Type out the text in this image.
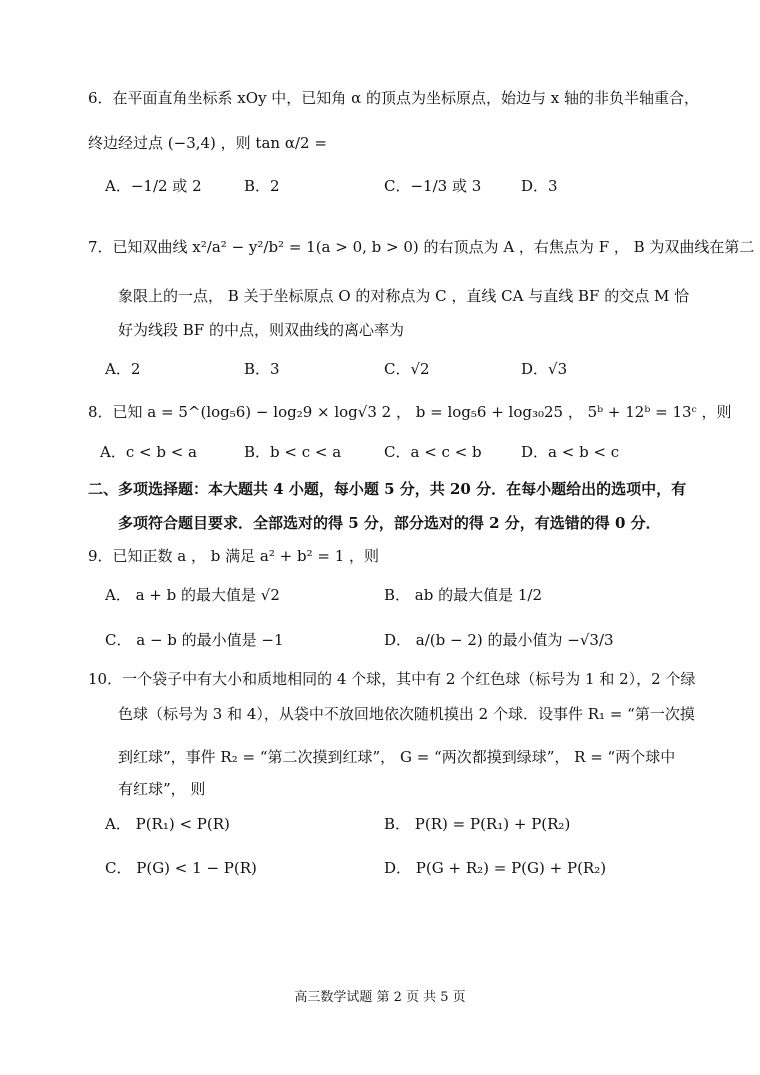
6．在平面直角坐标系 xOy 中，已知角 α 的顶点为坐标原点，始边与 x 轴的非负半轴重合，
终边经过点 (−3,4) ，则 tan α/2 =
A．−1/2 或 2	B．2	C．−1/3 或 3	D．3
7．已知双曲线 x²/a² − y²/b² = 1(a > 0, b > 0) 的右顶点为 A ，右焦点为 F ， B 为双曲线在第二
象限上的一点， B 关于坐标原点 O 的对称点为 C ，直线 CA 与直线 BF 的交点 M 恰
好为线段 BF 的中点，则双曲线的离心率为
A．2	B．3	C．√2	D．√3
8．已知 a = 5^(log₅6) − log₂9 × log√3 2 ， b = log₅6 + log₃₀25 ， 5ᵇ + 12ᵇ = 13ᶜ ，则
A．c < b < a	B．b < c < a	C．a < c < b	D．a < b < c
二、多项选择题：本大题共 4 小题，每小题 5 分，共 20 分．在每小题给出的选项中，有
多项符合题目要求．全部选对的得 5 分，部分选对的得 2 分，有选错的得 0 分．
9．已知正数 a ， b 满足 a² + b² = 1 ，则
A． a + b 的最大值是 √2	B． ab 的最大值是 1/2
C． a − b 的最小值是 −1	D． a/(b − 2) 的最小值为 −√3/3
10．一个袋子中有大小和质地相同的 4 个球，其中有 2 个红色球（标号为 1 和 2），2 个绿
色球（标号为 3 和 4），从袋中不放回地依次随机摸出 2 个球．设事件 R₁ = “第一次摸
到红球”，事件 R₂ = “第二次摸到红球”， G = “两次都摸到绿球”， R = “两个球中
有红球”， 则
A． P(R₁) < P(R)	B． P(R) = P(R₁) + P(R₂)
C． P(G) < 1 − P(R)	D． P(G + R₂) = P(G) + P(R₂)
高三数学试题 第 2 页 共 5 页
